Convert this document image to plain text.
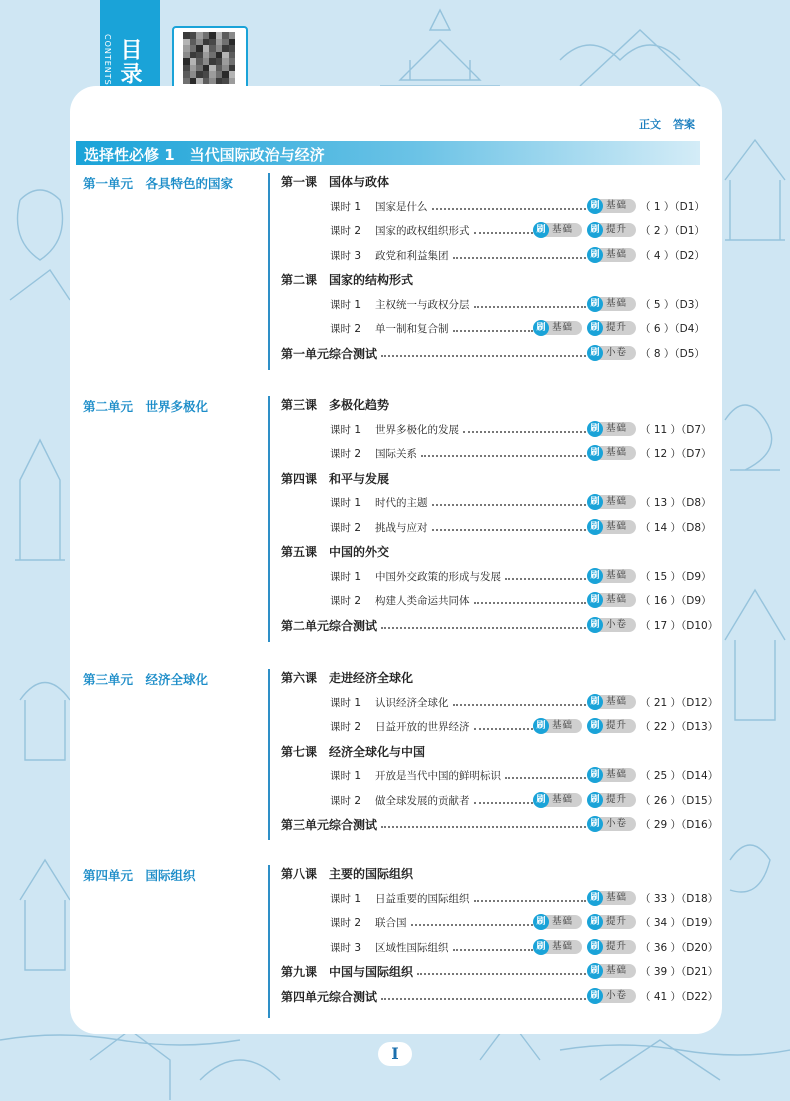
CONTENTS 目录
正文 答案
选择性必修 1　当代国际政治与经济
第一单元　各具特色的国家	第一课　国体与政体
课时 1 国家是什么	刷 基础 （ 1 ）（D1）
课时 2 国家的政权组织形式	刷 基础	刷 提升 （ 2 ）（D1）
课时 3 政党和利益集团	刷 基础 （ 4 ）（D2）
第二课　国家的结构形式
课时 1 主权统一与政权分层	刷 基础 （ 5 ）（D3）
课时 2 单一制和复合制	刷 基础	刷 提升 （ 6 ）（D4）
第一单元综合测试	刷 小卷 （ 8 ）（D5）
第二单元　世界多极化	第三课　多极化趋势
课时 1 世界多极化的发展	刷 基础 （ 11 ）（D7）
课时 2 国际关系	刷 基础 （ 12 ）（D7）
第四课　和平与发展
课时 1 时代的主题	刷 基础 （ 13 ）（D8）
课时 2 挑战与应对	刷 基础 （ 14 ）（D8）
第五课　中国的外交
课时 1 中国外交政策的形成与发展	刷 基础 （ 15 ）（D9）
课时 2 构建人类命运共同体	刷 基础 （ 16 ）（D9）
第二单元综合测试	刷 小卷 （ 17 ）（D10）
第三单元　经济全球化	第六课　走进经济全球化
课时 1 认识经济全球化	刷 基础 （ 21 ）（D12）
课时 2 日益开放的世界经济	刷 基础	刷 提升 （ 22 ）（D13）
第七课　经济全球化与中国
课时 1 开放是当代中国的鲜明标识	刷 基础 （ 25 ）（D14）
课时 2 做全球发展的贡献者	刷 基础	刷 提升 （ 26 ）（D15）
第三单元综合测试	刷 小卷 （ 29 ）（D16）
第四单元　国际组织	第八课　主要的国际组织
课时 1 日益重要的国际组织	刷 基础 （ 33 ）（D18）
课时 2 联合国	刷 基础	刷 提升 （ 34 ）（D19）
课时 3 区域性国际组织	刷 基础	刷 提升 （ 36 ）（D20）
第九课　中国与国际组织	刷 基础 （ 39 ）（D21）
第四单元综合测试	刷 小卷 （ 41 ）（D22）
I
